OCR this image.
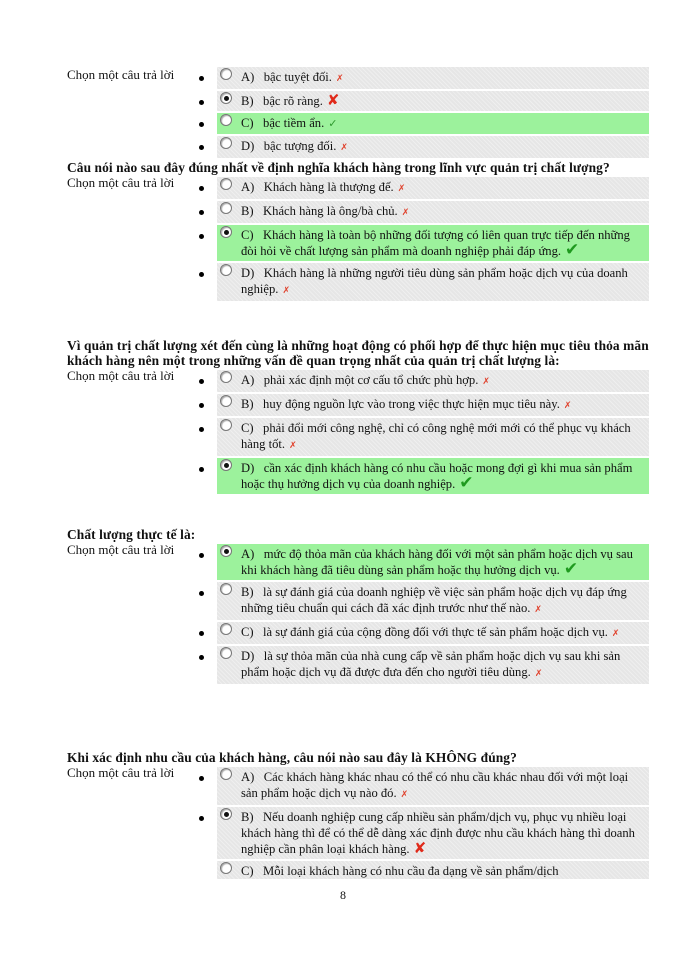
Chọn một câu trả lời	A) bậc tuyệt đối. ✗
B) bậc rõ ràng. ✘
C) bậc tiềm ẩn. ✓
D) bậc tượng đối. ✗

Câu nói nào sau đây đúng nhất về định nghĩa khách hàng trong lĩnh vực quản trị chất lượng?

Chọn một câu trả lời	A) Khách hàng là thượng đế. ✗
B) Khách hàng là ông/bà chủ. ✗
C) Khách hàng là toàn bộ những đối tượng có liên quan trực tiếp đến những đòi hỏi về chất lượng sản phẩm mà doanh nghiệp phải đáp ứng. ✔
D) Khách hàng là những người tiêu dùng sản phẩm hoặc dịch vụ của doanh nghiệp. ✗

Vì quản trị chất lượng xét đến cùng là những hoạt động có phối hợp để thực hiện mục tiêu thỏa mãn khách hàng nên một trong những vấn đề quan trọng nhất của quản trị chất lượng là:

Chọn một câu trả lời	A) phải xác định một cơ cấu tổ chức phù hợp. ✗
B) huy động nguồn lực vào trong việc thực hiện mục tiêu này. ✗
C) phải đổi mới công nghệ, chỉ có công nghệ mới mới có thể phục vụ khách hàng tốt. ✗
D) cần xác định khách hàng có nhu cầu hoặc mong đợi gì khi mua sản phẩm hoặc thụ hưởng dịch vụ của doanh nghiệp. ✔

Chất lượng thực tế là:

Chọn một câu trả lời	A) mức độ thỏa mãn của khách hàng đối với một sản phẩm hoặc dịch vụ sau khi khách hàng đã tiêu dùng sản phẩm hoặc thụ hưởng dịch vụ. ✔
B) là sự đánh giá của doanh nghiệp về việc sản phẩm hoặc dịch vụ đáp ứng những tiêu chuẩn qui cách đã xác định trước như thế nào. ✗
C) là sự đánh giá của cộng đồng đối với thực tế sản phẩm hoặc dịch vụ. ✗
D) là sự thỏa mãn của nhà cung cấp về sản phẩm hoặc dịch vụ sau khi sản phẩm hoặc dịch vụ đã được đưa đến cho người tiêu dùng. ✗

Khi xác định nhu cầu của khách hàng, câu nói nào sau đây là KHÔNG đúng?

Chọn một câu trả lời	A) Các khách hàng khác nhau có thể có nhu cầu khác nhau đối với một loại sản phẩm hoặc dịch vụ nào đó. ✗
B) Nếu doanh nghiệp cung cấp nhiều sản phẩm/dịch vụ, phục vụ nhiều loại khách hàng thì để có thể dễ dàng xác định được nhu cầu khách hàng thì doanh nghiệp cần phân loại khách hàng. ✘
C) Mỗi loại khách hàng có nhu cầu đa dạng về sản phẩm/dịch
8
